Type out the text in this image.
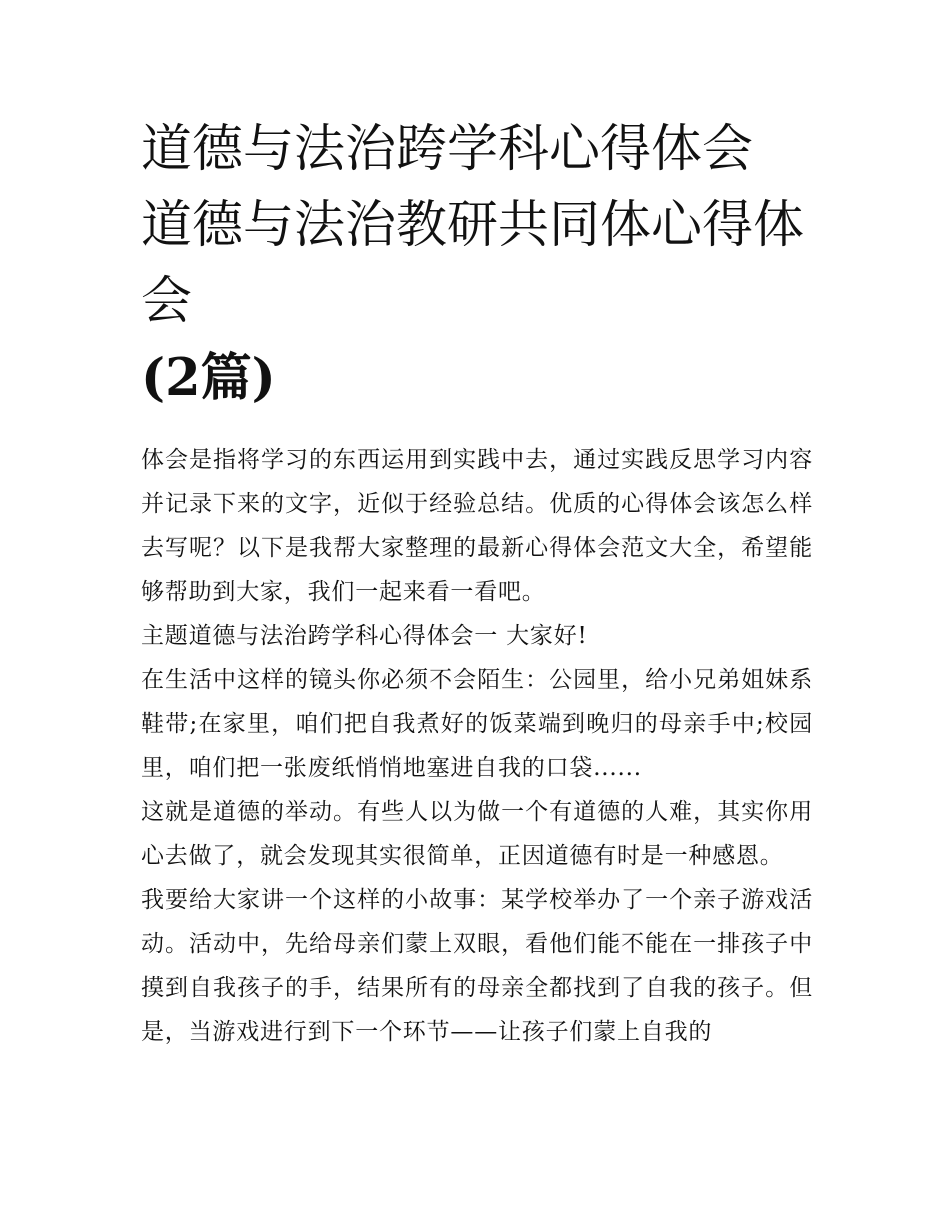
道德与法治跨学科心得体会 道德与法治教研共同体心得体会
(2篇)

体会是指将学习的东西运用到实践中去，通过实践反思学习内容并记录下来的文字，近似于经验总结。优质的心得体会该怎么样去写呢？以下是我帮大家整理的最新心得体会范文大全，希望能够帮助到大家，我们一起来看一看吧。

主题道德与法治跨学科心得体会一 大家好!

在生活中这样的镜头你必须不会陌生：公园里，给小兄弟姐妹系鞋带;在家里，咱们把自我煮好的饭菜端到晚归的母亲手中;校园里，咱们把一张废纸悄悄地塞进自我的口袋......

这就是道德的举动。有些人以为做一个有道德的人难，其实你用心去做了，就会发现其实很简单，正因道德有时是一种感恩。

我要给大家讲一个这样的小故事：某学校举办了一个亲子游戏活动。活动中，先给母亲们蒙上双眼，看他们能不能在一排孩子中摸到自我孩子的手，结果所有的母亲全都找到了自我的孩子。但是，当游戏进行到下一个环节——让孩子们蒙上自我的
